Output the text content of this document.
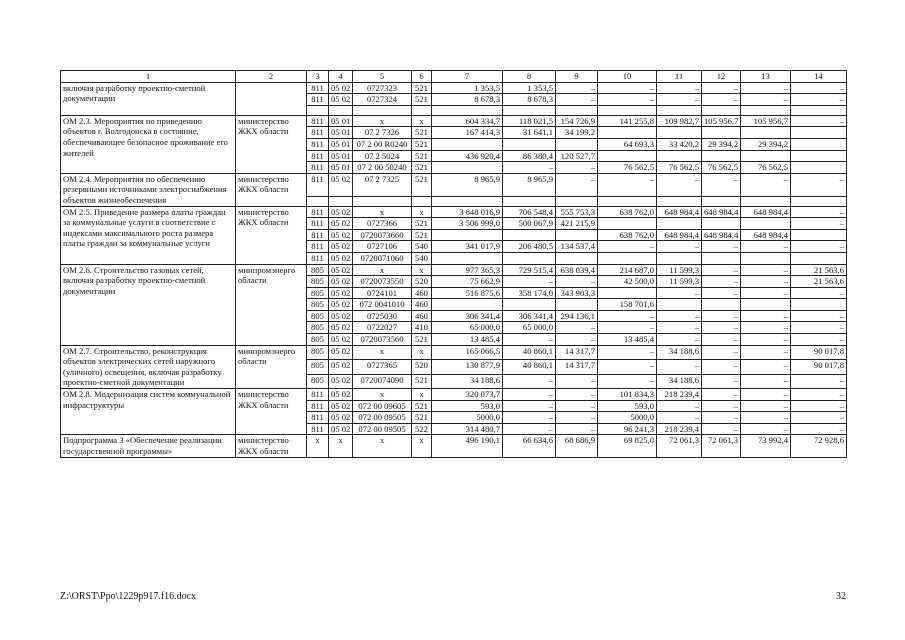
1	2	3	4	5	6	7	8	9	10	11	12	13	14
включая разработку проектно-сметной документации		811	05 02	0727323	521	1 353,5	1 353,5	–	–	–	–	–	–
		811	05 02	0727324	521	8 678,3	8 678,3	–	–	–	–	–	–

ОМ 2.3. Мероприятия по приведению объектов г. Волгодонска в состояние, обеспечивающее безопасное проживание его жителей	министерство ЖКХ области	811	05 01	х	х	604 334,7	118 021,5	154 726,9	141 255,8	109 982,7	105 956,7	105 956,7	–
		811	05 01	07 2 7326	521	167 414,3	31 641,1	34 199,2					
		811	05 01	07 2 00 R0240	521				64 693,3	33 420,2	29 394,2	29 394,2	
		811	05 01	07 2 5024	521	436 920,4	86 380,4	120 527,7					
		811	05 01	07 2 00 50240	521		–	–	76 562,5	76 562,5	76 562,5	76 562,5	
ОМ 2.4. Мероприятия по обеспечению резервными источниками электроснабжения объектов жизнеобеспечения	министерство ЖКХ области	811	05 02	07 2 7325	521	8 965,9	8 965,9	–	–	–	–	–	–

ОМ 2.5. Приведение размера платы граждан за коммунальные услуги в соответствие с индексами максимального роста размера платы граждан за коммунальные услуги	министерство ЖКХ области	811	05 02	х	х	3 848 016,9	706 548,4	555 753,3	638 762,0	648 984,4	648 984,4	648 984,4	–
		811	05 02	0727366	521	3 506 999,0	500 067,9	421 215,9					–
		811	05 02	0720073660	521				638 762,0	648 984,4	648 984,4	648 984,4	
		811	05 02	0727106	540	341 017,9	206 480,5	134 537,4	–	–	–	–	–
		811	05 02	0720071060	540								
ОМ 2.6. Строительство газовых сетей, включая разработку проектно-сметной документации	минпромэнерго области	805	05 02	х	х	977 365,3	729 515,4	638 039,4	214 687,0	11 599,3	–	–	21 563,6
		805	05 02	0720073550	520	75 662,9	–	–	42 500,0	11 599,3	–	–	21 563,6
		805	05 02	0724101	460	516 875,6	358 174,0	343 903,3		–	–	–	–
		805	05 02	072 0041010	460				158 701,6				
		805	05 02	0725030	460	306 341,4	306 341,4	294 136,1	–	–	–	–	–
		805	05 02	0722027	410	65 000,0	65 000,0	–	–	–	–	–	–
		805	05 02	0720073560	521	13 485,4	–	–	13 485,4	–	–	–	–
ОМ 2.7. Строительство, реконструкция объектов электрических сетей наружного (уличного) освещения, включая разработку проектно-сметной документации	минпромэнерго области	805	05 02	х	х	165 066,5	40 860,1	14 317,7	–	34 188,6	–	–	90 017,8
		805	05 02	0727365	520	130 877,9	40 860,1	14 317,7	–	–	–	–	90 017,8
		805	05 02	0720074090	521	34 188,6	–	–	–	34 188,6	–	–	–
ОМ 2.8. Модернизация систем коммунальной инфраструктуры	министерство ЖКХ области	811	05 02	х	х	320 073,7	–	–	101 834,3	218 239,4	–	–	–
		811	05 02	072 00 09605	521	593,0	–	–	593,0	–	–	–	–
		811	05 02	072 00 09505	521	5000,0	–	–	5000,0	–	–	–	–
		811	05 02	072 00 09505	522	314 480,7	–	–	96 241,3	218 239,4	–	–	–
Подпрограмма 3 «Обеспечение реализации государственной программы»	министерство ЖКХ области	х	х	х	х	496 190,1	66 634,6	68 686,9	69 825,0	72 061,3	72 061,3	73 992,4	72 928,6
Z:\ORST\Ppo\1229p917.f16.docx	32
